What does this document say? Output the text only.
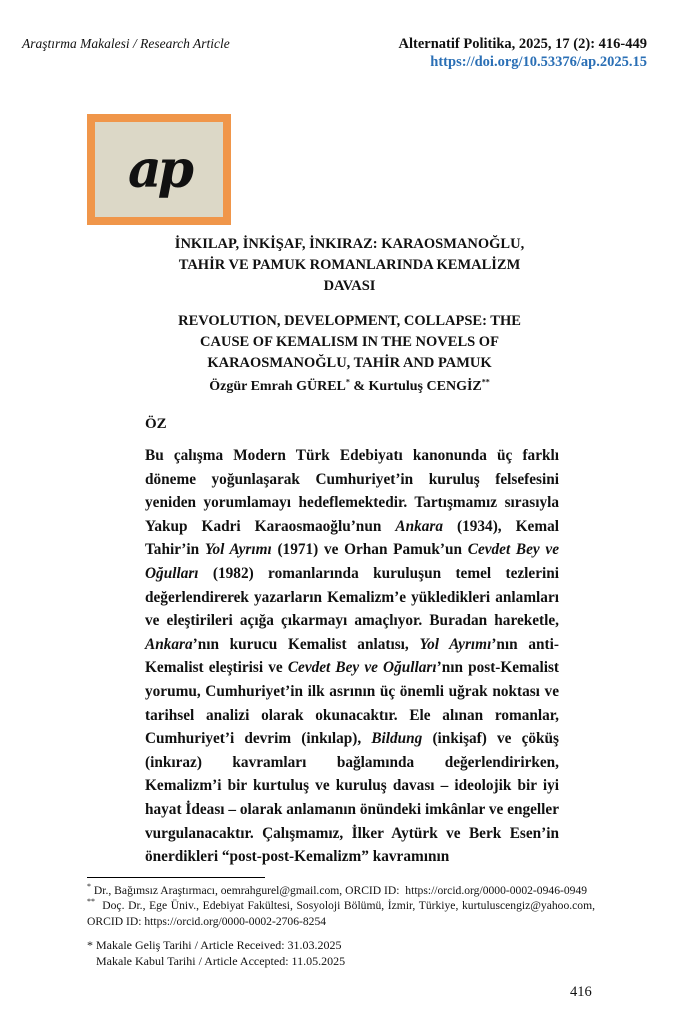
Araştırma Makalesi / Research Article	Alternatif Politika, 2025, 17 (2): 416-449
https://doi.org/10.53376/ap.2025.15
ap
İNKILAP, İNKİŞAF, İNKIRAZ: KARAOSMANOĞLU,
TAHİR VE PAMUK ROMANLARINDA KEMALİZM
DAVASI
REVOLUTION, DEVELOPMENT, COLLAPSE: THE
CAUSE OF KEMALISM IN THE NOVELS OF
KARAOSMANOĞLU, TAHİR AND PAMUK
Özgür Emrah GÜREL* & Kurtuluş CENGİZ**
ÖZ
Bu çalışma Modern Türk Edebiyatı kanonunda üç farklı döneme yoğunlaşarak Cumhuriyet’in kuruluş felsefesini yeniden yorumlamayı hedeflemektedir. Tartışmamız sırasıyla Yakup Kadri Karaosmaoğlu’nun Ankara (1934), Kemal Tahir’in Yol Ayrımı (1971) ve Orhan Pamuk’un Cevdet Bey ve Oğulları (1982) romanlarında kuruluşun temel tezlerini değerlendirerek yazarların Kemalizm’e yükledikleri anlamları ve eleştirileri açığa çıkarmayı amaçlıyor. Buradan hareketle, Ankara’nın kurucu Kemalist anlatısı, Yol Ayrımı’nın anti-Kemalist eleştirisi ve Cevdet Bey ve Oğulları’nın post-Kemalist yorumu, Cumhuriyet’in ilk asrının üç önemli uğrak noktası ve tarihsel analizi olarak okunacaktır. Ele alınan romanlar, Cumhuriyet’i devrim (inkılap), Bildung (inkişaf) ve çöküş (inkıraz) kavramları bağlamında değerlendirirken, Kemalizm’i bir kurtuluş ve kuruluş davası – ideolojik bir iyi hayat İdeası – olarak anlamanın önündeki imkânlar ve engeller vurgulanacaktır. Çalışmamız, İlker Aytürk ve Berk Esen’in önerdikleri “post-post-Kemalizm” kavramının
* Dr., Bağımsız Araştırmacı, oemrahgurel@gmail.com, ORCID ID:  https://orcid.org/0000-0002-0946-0949
**  Doç. Dr., Ege Üniv., Edebiyat Fakültesi, Sosyoloji Bölümü, İzmir, Türkiye, kurtuluscengiz@yahoo.com, ORCID ID: https://orcid.org/0000-0002-2706-8254
* Makale Geliş Tarihi / Article Received: 31.03.2025
Makale Kabul Tarihi / Article Accepted: 11.05.2025
416
